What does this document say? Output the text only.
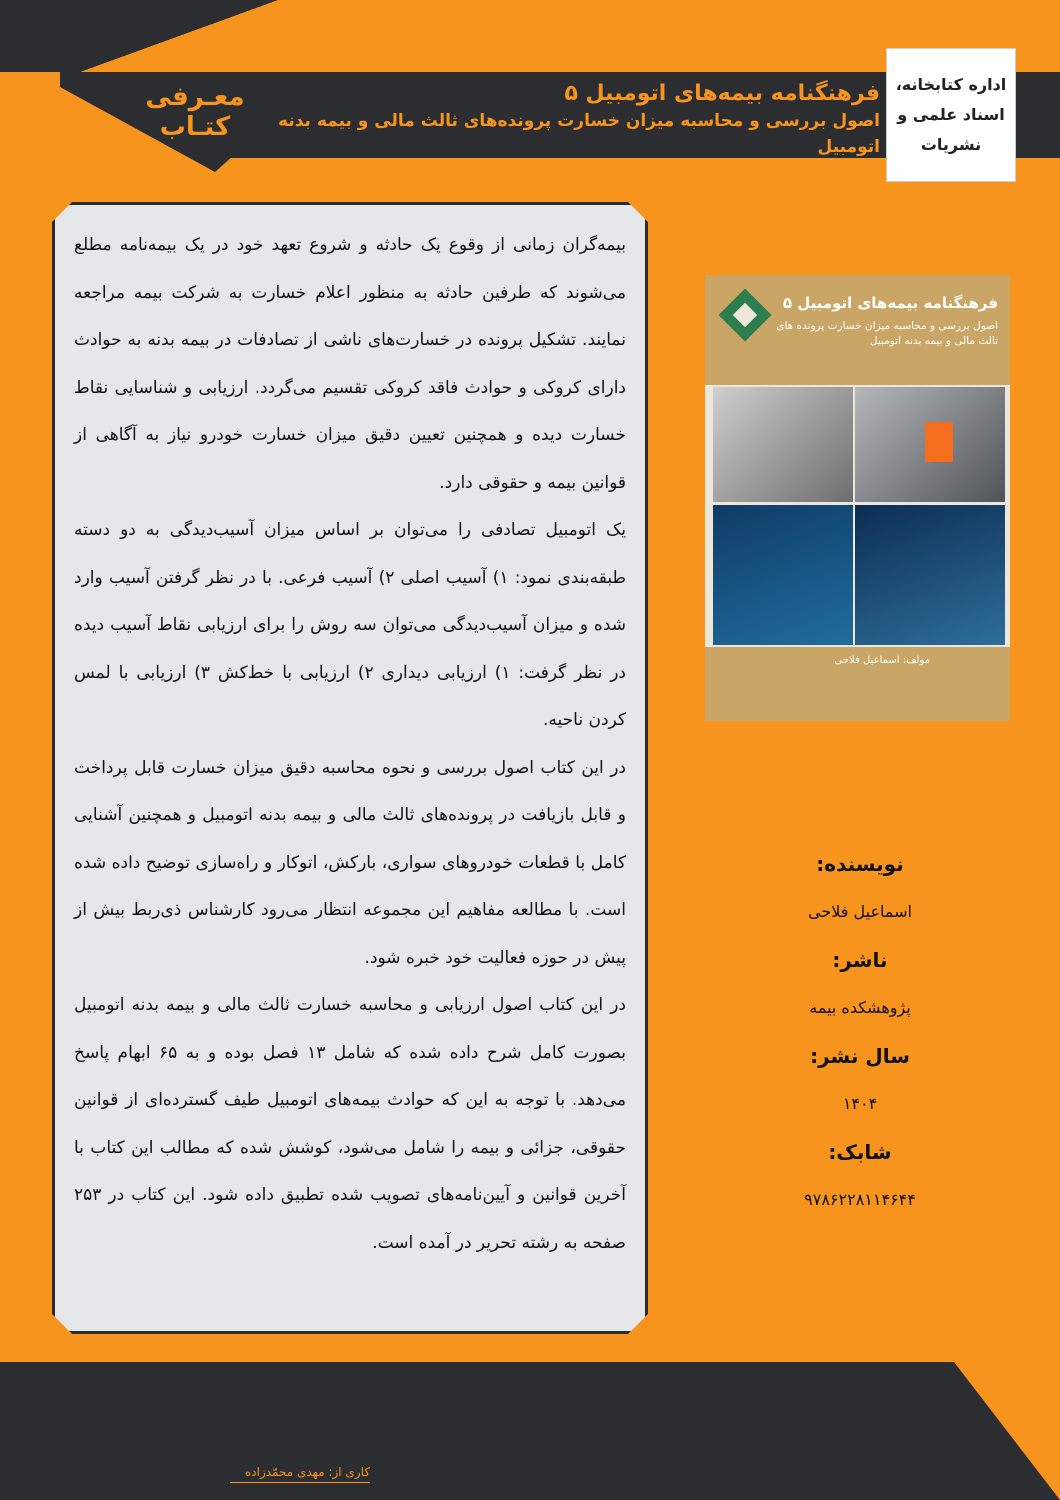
معـرفی کتـاب
فرهنگنامه بیمه‌های اتومبیل ۵
اصول بررسی و محاسبه میزان خسارت پرونده‌های ثالث مالی و بیمه بدنه اتومبیل
اداره کتابخانه، اسناد علمی و نشریات

بیمه‌گران زمانی از وقوع یک حادثه و شروع تعهد خود در یک بیمه‌نامه مطلع می‌شوند که طرفین حادثه به منظور اعلام خسارت به شرکت بیمه مراجعه نمایند. تشکیل پرونده در خسارت‌های ناشی از تصادفات در بیمه بدنه به حوادث دارای کروکی و حوادث فاقد کروکی تقسیم می‌گردد. ارزیابی و شناسایی نقاط خسارت دیده و همچنین تعیین دقیق میزان خسارت خودرو نیاز به آگاهی از قوانین بیمه و حقوقی دارد.

یک اتومبیل تصادفی را می‌توان بر اساس میزان آسیب‌دیدگی به دو دسته طبقه‌بندی نمود: ۱) آسیب اصلی ۲) آسیب فرعی. با در نظر گرفتن آسیب وارد شده و میزان آسیب‌دیدگی می‌توان سه روش را برای ارزیابی نقاط آسیب دیده در نظر گرفت: ۱) ارزیابی دیداری ۲) ارزیابی با خط‌کش ۳) ارزیابی با لمس کردن ناحیه.

در این کتاب اصول بررسی و نحوه محاسبه دقیق میزان خسارت قابل پرداخت و قابل بازیافت در پرونده‌های ثالث مالی و بیمه بدنه اتومبیل و همچنین آشنایی کامل با قطعات خودروهای سواری، بارکش، اتوکار و راه‌سازی توضیح داده شده است. با مطالعه مفاهیم این مجموعه انتظار می‌رود کارشناس ذی‌ربط بیش از پیش در حوزه فعالیت خود خبره شود.

در این کتاب اصول ارزیابی و محاسبه خسارت ثالث مالی و بیمه بدنه اتومبیل بصورت کامل شرح داده شده که شامل ۱۳ فصل بوده و به ۶۵ ابهام پاسخ می‌دهد. با توجه به این که حوادث بیمه‌های اتومبیل طیف گسترده‌ای از قوانین حقوقی، جزائی و بیمه را شامل می‌شود، کوشش شده که مطالب این کتاب با آخرین قوانین و آیین‌نامه‌های تصویب شده تطبیق داده شود. این کتاب در ۲۵۳ صفحه به رشته تحریر در آمده است.

فرهنگنامه بیمه‌های اتومبیل ۵
اصول بررسی و محاسبه میزان خسارت پرونده های ثالث مالی و بیمه بدنه اتومبیل
مولف: اسماعیل فلاحی
نویسنده:
اسماعیل فلاحی
ناشر:
پژوهشکده بیمه
سال نشر:
۱۴۰۴
شابک:
۹۷۸۶۲۲۸۱۱۴۶۴۴
کاری از: مهدی محمّدزاده
